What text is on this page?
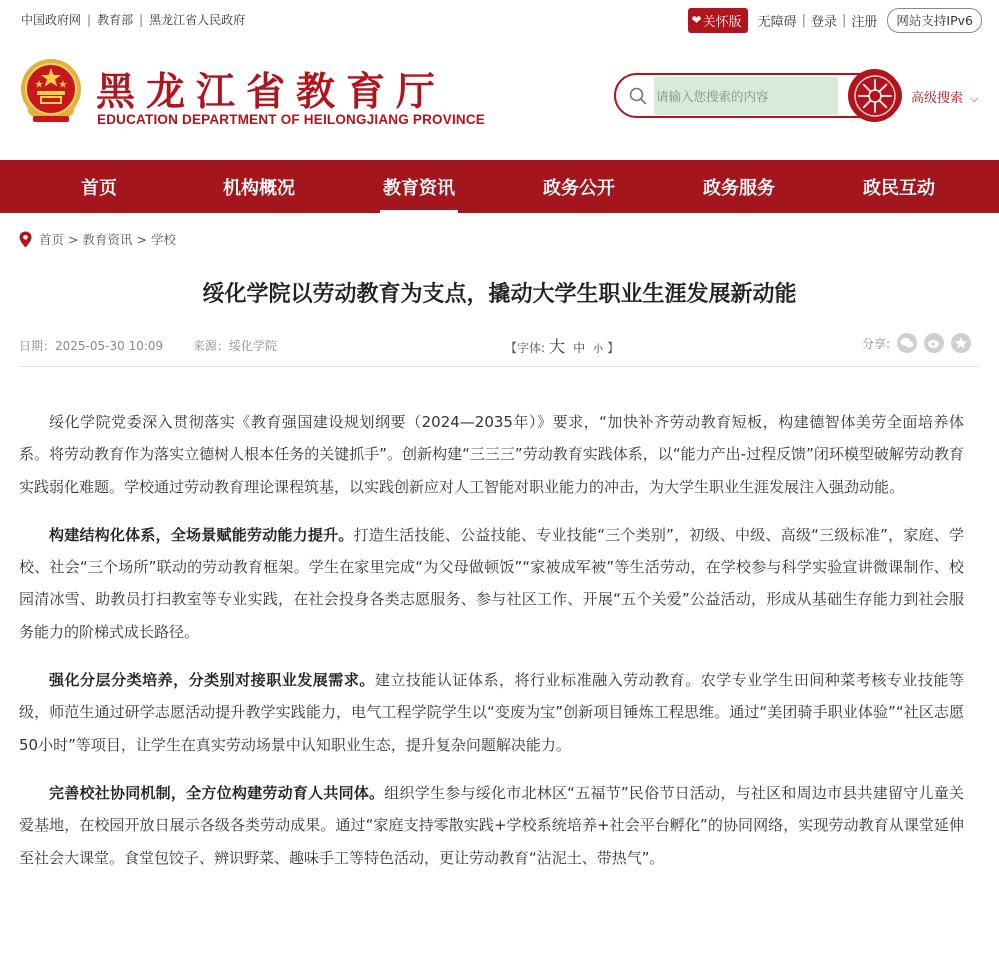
中国政府网 | 教育部 | 黑龙江省人民政府	❤ 关怀版 无障碍 | 登录 | 注册 网站支持IPv6
黑龙江省教育厅
EDUCATION DEPARTMENT OF HEILONGJIANG PROVINCE
请输入您搜索的内容
高级搜索 ⌵
首页	机构概况	教育资讯	政务公开	政务服务	政民互动
首页 > 教育资讯 > 学校
绥化学院以劳动教育为支点，撬动大学生职业生涯发展新动能
日期：2025-05-30 10:09 来源：绥化学院	【字体: 大 中 小 】	分享:

绥化学院党委深入贯彻落实《教育强国建设规划纲要（2024—2035年）》要求，“加快补齐劳动教育短板，构建德智体美劳全面培养体系。将劳动教育作为落实立德树人根本任务的关键抓手”。创新构建“三三三”劳动教育实践体系，以“能力产出-过程反馈”闭环模型破解劳动教育实践弱化难题。学校通过劳动教育理论课程筑基，以实践创新应对人工智能对职业能力的冲击，为大学生职业生涯发展注入强劲动能。

构建结构化体系，全场景赋能劳动能力提升。打造生活技能、公益技能、专业技能“三个类别”，初级、中级、高级“三级标准”，家庭、学校、社会“三个场所”联动的劳动教育框架。学生在家里完成“为父母做顿饭”“家被成军被”等生活劳动，在学校参与科学实验宣讲微课制作、校园清冰雪、助教员打扫教室等专业实践，在社会投身各类志愿服务、参与社区工作、开展“五个关爱”公益活动，形成从基础生存能力到社会服务能力的阶梯式成长路径。

强化分层分类培养，分类别对接职业发展需求。建立技能认证体系，将行业标准融入劳动教育。农学专业学生田间种菜考核专业技能等级，师范生通过研学志愿活动提升教学实践能力，电气工程学院学生以“变废为宝”创新项目锤炼工程思维。通过“美团骑手职业体验”“社区志愿50小时”等项目，让学生在真实劳动场景中认知职业生态，提升复杂问题解决能力。

完善校社协同机制，全方位构建劳动育人共同体。组织学生参与绥化市北林区“五福节”民俗节日活动，与社区和周边市县共建留守儿童关爱基地，在校园开放日展示各级各类劳动成果。通过“家庭支持零散实践+学校系统培养+社会平台孵化”的协同网络，实现劳动教育从课堂延伸至社会大课堂。食堂包饺子、辨识野菜、趣味手工等特色活动，更让劳动教育“沾泥土、带热气”。
